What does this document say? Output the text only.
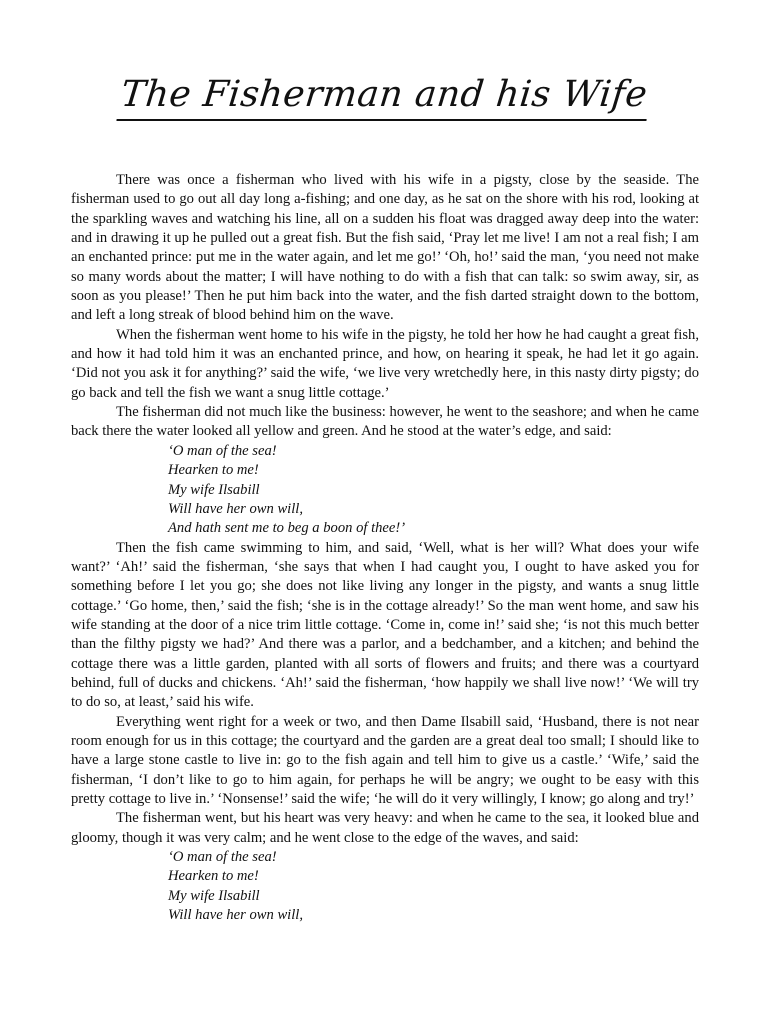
The Fisherman and his Wife

There was once a fisherman who lived with his wife in a pigsty, close by the seaside. The fisherman used to go out all day long a-fishing; and one day, as he sat on the shore with his rod, looking at the sparkling waves and watching his line, all on a sudden his float was dragged away deep into the water: and in drawing it up he pulled out a great fish. But the fish said, ‘Pray let me live! I am not a real fish; I am an enchanted prince: put me in the water again, and let me go!’ ‘Oh, ho!’ said the man, ‘you need not make so many words about the matter; I will have nothing to do with a fish that can talk: so swim away, sir, as soon as you please!’ Then he put him back into the water, and the fish darted straight down to the bottom, and left a long streak of blood behind him on the wave.

When the fisherman went home to his wife in the pigsty, he told her how he had caught a great fish, and how it had told him it was an enchanted prince, and how, on hearing it speak, he had let it go again. ‘Did not you ask it for anything?’ said the wife, ‘we live very wretchedly here, in this nasty dirty pigsty; do go back and tell the fish we want a snug little cottage.’

The fisherman did not much like the business: however, he went to the seashore; and when he came back there the water looked all yellow and green. And he stood at the water’s edge, and said:

‘O man of the sea!
Hearken to me!
My wife Ilsabill
Will have her own will,
And hath sent me to beg a boon of thee!’

Then the fish came swimming to him, and said, ‘Well, what is her will? What does your wife want?’ ‘Ah!’ said the fisherman, ‘she says that when I had caught you, I ought to have asked you for something before I let you go; she does not like living any longer in the pigsty, and wants a snug little cottage.’ ‘Go home, then,’ said the fish; ‘she is in the cottage already!’ So the man went home, and saw his wife standing at the door of a nice trim little cottage. ‘Come in, come in!’ said she; ‘is not this much better than the filthy pigsty we had?’ And there was a parlor, and a bedchamber, and a kitchen; and behind the cottage there was a little garden, planted with all sorts of flowers and fruits; and there was a courtyard behind, full of ducks and chickens. ‘Ah!’ said the fisherman, ‘how happily we shall live now!’ ‘We will try to do so, at least,’ said his wife.

Everything went right for a week or two, and then Dame Ilsabill said, ‘Husband, there is not near room enough for us in this cottage; the courtyard and the garden are a great deal too small; I should like to have a large stone castle to live in: go to the fish again and tell him to give us a castle.’ ‘Wife,’ said the fisherman, ‘I don’t like to go to him again, for perhaps he will be angry; we ought to be easy with this pretty cottage to live in.’ ‘Nonsense!’ said the wife; ‘he will do it very willingly, I know; go along and try!’

The fisherman went, but his heart was very heavy: and when he came to the sea, it looked blue and gloomy, though it was very calm; and he went close to the edge of the waves, and said:

‘O man of the sea!
Hearken to me!
My wife Ilsabill
Will have her own will,
